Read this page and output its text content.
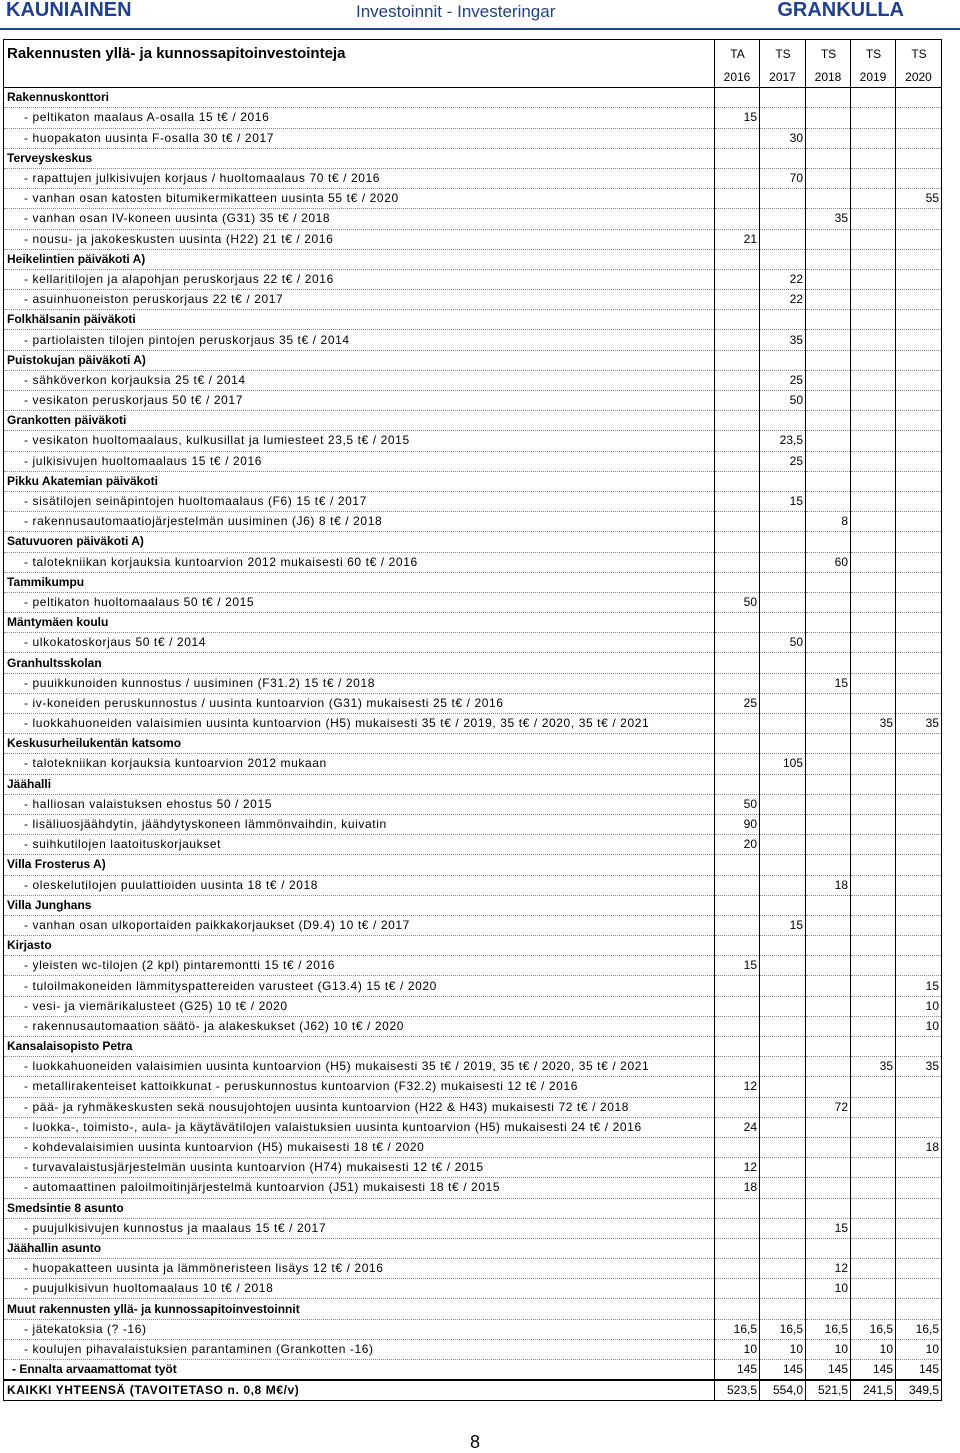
KAUNIAINEN	Investoinnit - Investeringar	GRANKULLA
Rakennusten yllä- ja kunnossapitoinvestointeja	TA	TS	TS	TS	TS
	2016	2017	2018	2019	2020
Rakennuskonttori					
- peltikaton maalaus A-osalla 15 t€ / 2016	15				
- huopakaton uusinta F-osalla 30 t€ / 2017		30			
Terveyskeskus					
- rapattujen julkisivujen korjaus / huoltomaalaus 70 t€ / 2016		70			
- vanhan osan katosten bitumikermikatteen uusinta 55 t€ / 2020					55
- vanhan osan IV-koneen uusinta (G31) 35 t€ / 2018			35		
- nousu- ja jakokeskusten uusinta (H22) 21 t€ / 2016	21				
Heikelintien päiväkoti A)					
- kellaritilojen ja alapohjan peruskorjaus 22 t€ / 2016		22			
- asuinhuoneiston peruskorjaus 22 t€ / 2017		22			
Folkhälsanin päiväkoti					
- partiolaisten tilojen pintojen peruskorjaus 35 t€ / 2014		35			
Puistokujan päiväkoti A)					
- sähköverkon korjauksia 25 t€ / 2014		25			
- vesikaton peruskorjaus 50 t€ / 2017		50			
Grankotten päiväkoti					
- vesikaton huoltomaalaus, kulkusillat ja lumiesteet 23,5 t€ / 2015		23,5			
- julkisivujen huoltomaalaus 15 t€ / 2016		25			
Pikku Akatemian päiväkoti					
- sisätilojen seinäpintojen huoltomaalaus (F6) 15 t€ / 2017		15			
- rakennusautomaatiojärjestelmän uusiminen (J6) 8 t€ / 2018			8		
Satuvuoren päiväkoti A)					
- talotekniikan korjauksia kuntoarvion 2012 mukaisesti 60 t€ / 2016			60		
Tammikumpu					
- peltikaton huoltomaalaus 50 t€ / 2015	50				
Mäntymäen koulu					
- ulkokatoskorjaus 50 t€ / 2014		50			
Granhultsskolan					
- puuikkunoiden kunnostus / uusiminen (F31.2) 15 t€ / 2018			15		
- iv-koneiden peruskunnostus / uusinta kuntoarvion (G31) mukaisesti 25 t€ / 2016	25				
- luokkahuoneiden valaisimien uusinta kuntoarvion (H5) mukaisesti 35 t€ / 2019, 35 t€ / 2020, 35 t€ / 2021				35	35
Keskusurheilukentän katsomo					
- talotekniikan korjauksia kuntoarvion 2012 mukaan		105			
Jäähalli					
- halliosan valaistuksen ehostus 50 / 2015	50				
- lisäliuosjäähdytin, jäähdytyskoneen lämmönvaihdin, kuivatin	90				
- suihkutilojen laatoituskorjaukset	20				
Villa Frosterus A)					
- oleskelutilojen puulattioiden uusinta 18 t€ / 2018			18		
Villa Junghans					
- vanhan osan ulkoportaiden paikkakorjaukset (D9.4) 10 t€ / 2017		15			
Kirjasto					
- yleisten wc-tilojen (2 kpl) pintaremontti 15 t€ / 2016	15				
- tuloilmakoneiden lämmityspattereiden varusteet (G13.4) 15 t€ / 2020					15
- vesi- ja viemärikalusteet (G25) 10 t€ / 2020					10
- rakennusautomaation säätö- ja alakeskukset (J62) 10 t€ / 2020					10
Kansalaisopisto Petra					
- luokkahuoneiden valaisimien uusinta kuntoarvion (H5) mukaisesti 35 t€ / 2019, 35 t€ / 2020, 35 t€ / 2021				35	35
- metallirakenteiset kattoikkunat - peruskunnostus kuntoarvion (F32.2) mukaisesti 12 t€ / 2016	12				
- pää- ja ryhmäkeskusten sekä nousujohtojen uusinta kuntoarvion (H22 & H43) mukaisesti 72 t€ / 2018			72		
- luokka-, toimisto-, aula- ja käytävätilojen valaistuksien uusinta kuntoarvion (H5) mukaisesti 24 t€ / 2016	24				
- kohdevalaisimien uusinta kuntoarvion (H5) mukaisesti 18 t€ / 2020					18
- turvavalaistusjärjestelmän uusinta kuntoarvion (H74) mukaisesti 12 t€ / 2015	12				
- automaattinen paloilmoitinjärjestelmä kuntoarvion (J51) mukaisesti 18 t€ / 2015	18				
Smedsintie 8 asunto					
- puujulkisivujen kunnostus ja maalaus 15 t€ / 2017			15		
Jäähallin asunto					
- huopakatteen uusinta ja lämmöneristeen lisäys 12 t€ / 2016			12		
- puujulkisivun huoltomaalaus 10 t€ / 2018			10		
Muut rakennusten yllä- ja kunnossapitoinvestoinnit					
- jätekatoksia (? -16)	16,5	16,5	16,5	16,5	16,5
- koulujen pihavalaistuksien parantaminen (Grankotten -16)	10	10	10	10	10
- Ennalta arvaamattomat työt	145	145	145	145	145
KAIKKI YHTEENSÄ (TAVOITETASO n. 0,8 M€/v)	523,5	554,0	521,5	241,5	349,5
8
